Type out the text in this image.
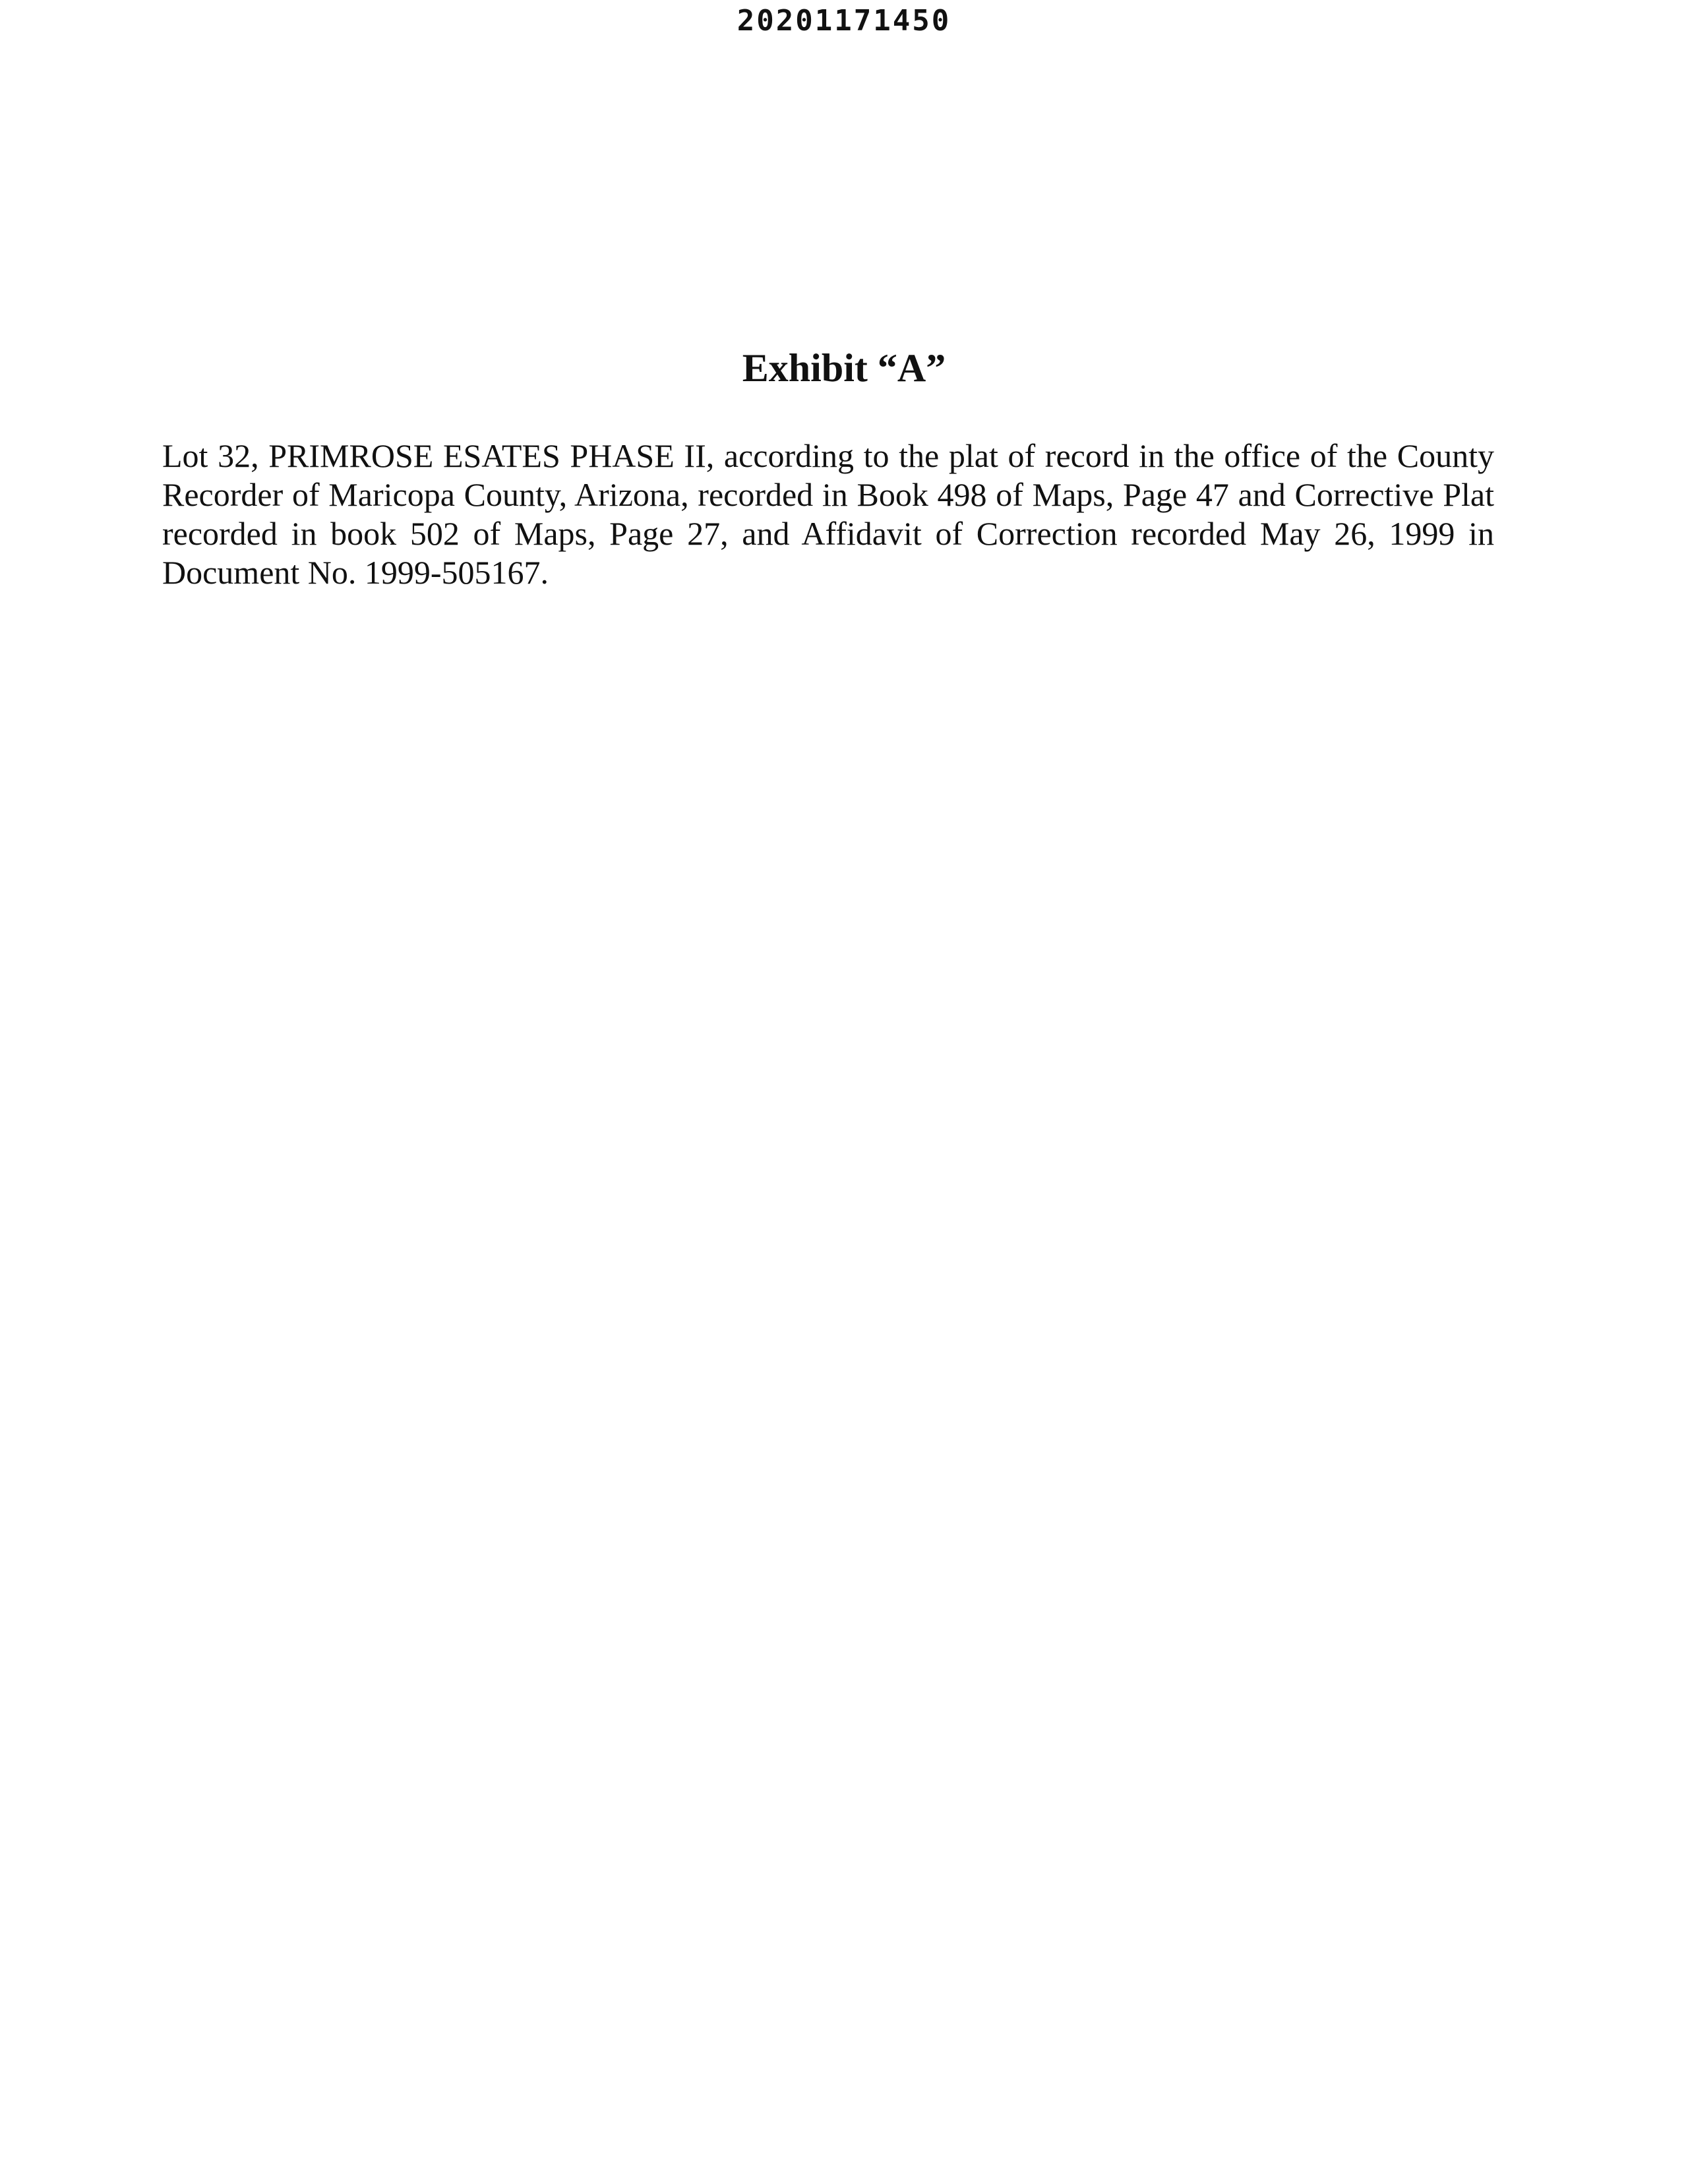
20201171450
Exhibit “A”

Lot 32, PRIMROSE ESATES PHASE II, according to the plat of record in the office of the County Recorder of Maricopa County, Arizona, recorded in Book 498 of Maps, Page 47 and Corrective Plat recorded in book 502 of Maps, Page 27, and Affidavit of Correction recorded May 26, 1999 in Document No. 1999-505167.
